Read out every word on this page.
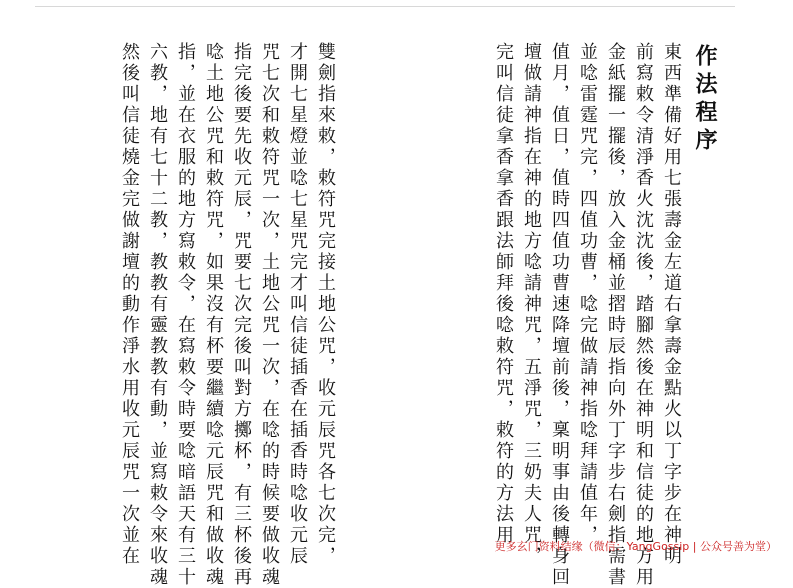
作法程序
東西準備好用七張壽金左道右拿壽金點火以丁字步在神明
前寫敕令清淨香火沈沈後，踏腳然後在神明和信徒的地方用
金紙擺一擺後，放入金桶並摺時辰指向外丁字步右劍指需書
並唸雷霆咒完，四值功曹，唸完做請神指唸拜請值年，
值月，值日，值時四值功曹速降壇前後，稟明事由後轉身回
壇做請神指在神的地方唸請神咒，五淨咒，三奶夫人咒，
完叫信徒拿香拿香跟法師拜後唸敕符咒，敕符的方法用
雙劍指來敕，敕符咒完接土地公咒，收元辰咒各七次完，
才開七星燈並唸七星咒完才叫信徒插香在插香時唸收元辰
咒七次和敕符咒一次，土地公咒一次，在唸的時候要做收魂
指完後要先收元辰，咒要七次完後叫對方擲杯，有三杯後再
唸土地公咒和敕符咒，如果沒有杯要繼續唸元辰咒和做收魂
指，並在衣服的地方寫敕令，在寫敕令時要唸暗語天有三十
六教，地有七十二教，教教有靈教教有動，並寫敕令來收魂
然後叫信徒燒金完做謝壇的動作淨水用收元辰咒一次並在	更多玄门资料结缘（微信：YangGossip | 公众号善为堂）
